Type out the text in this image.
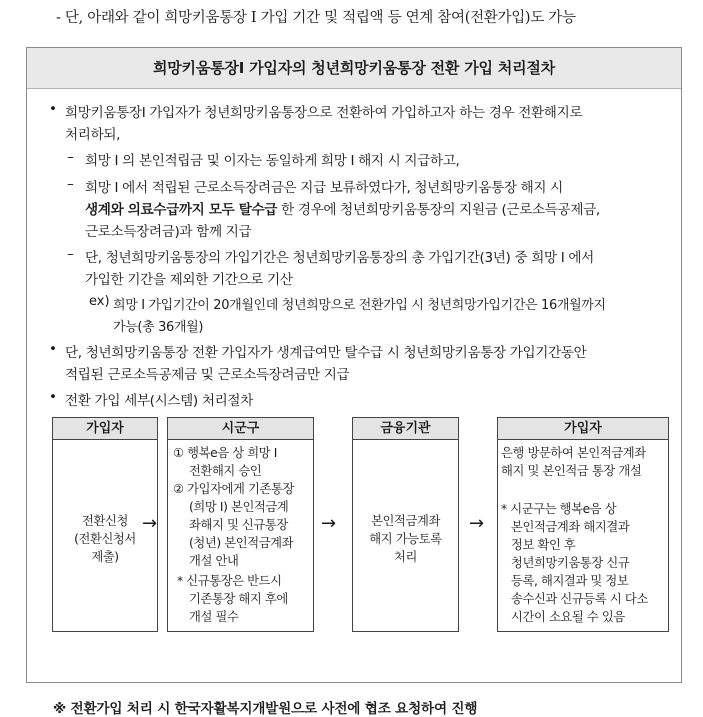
- 단, 아래와 같이 희망키움통장 I 가입 기간 및 적립액 등 연계 참여(전환가입)도 가능
희망키움통장I 가입자의 청년희망키움통장 전환 가입 처리절차
• 희망키움통장I 가입자가 청년희망키움통장으로 전환하여 가입하고자 하는 경우 전환해지로
처리하되,
– 희망 I 의 본인적립금 및 이자는 동일하게 희망 I 해지 시 지급하고,
– 희망 I 에서 적립된 근로소득장려금은 지급 보류하였다가, 청년희망키움통장 해지 시
생계와 의료수급까지 모두 탈수급 한 경우에 청년희망키움통장의 지원금 (근로소득공제금,
근로소득장려금)과 함께 지급
– 단, 청년희망키움통장의 가입기간은 청년희망키움통장의 총 가입기간(3년) 중 희망 I 에서
가입한 기간을 제외한 기간으로 기산
ex) 희망 I 가입기간이 20개월인데 청년희망으로 전환가입 시 청년희망가입기간은 16개월까지
가능(총 36개월)
• 단, 청년희망키움통장 전환 가입자가 생계급여만 탈수급 시 청년희망키움통장 가입기간동안
적립된 근로소득공제금 및 근로소득장려금만 지급
• 전환 가입 세부(시스템) 처리절차
가입자
전환신청
(전환신청서
제출)
→
시군구
① 행복e음 상 희망 I
전환해지 승인
② 가입자에게 기존통장
(희망 I) 본인적금계
좌해지 및 신규통장
(청년) 본인적금계좌
개설 안내
* 신규통장은 반드시
기존통장 해지 후에
개설 필수
→
금융기관
본인적금계좌
해지 가능토록
처리
→
가입자
은행 방문하여 본인적금계좌
해지 및 본인적금 통장 개설
* 시군구는 행복e음 상
본인적금계좌 해지결과
정보 확인 후
청년희망키움통장 신규
등록, 해지결과 및 정보
송수신과 신규등록 시 다소
시간이 소요될 수 있음
※ 전환가입 처리 시 한국자활복지개발원으로 사전에 협조 요청하여 진행
